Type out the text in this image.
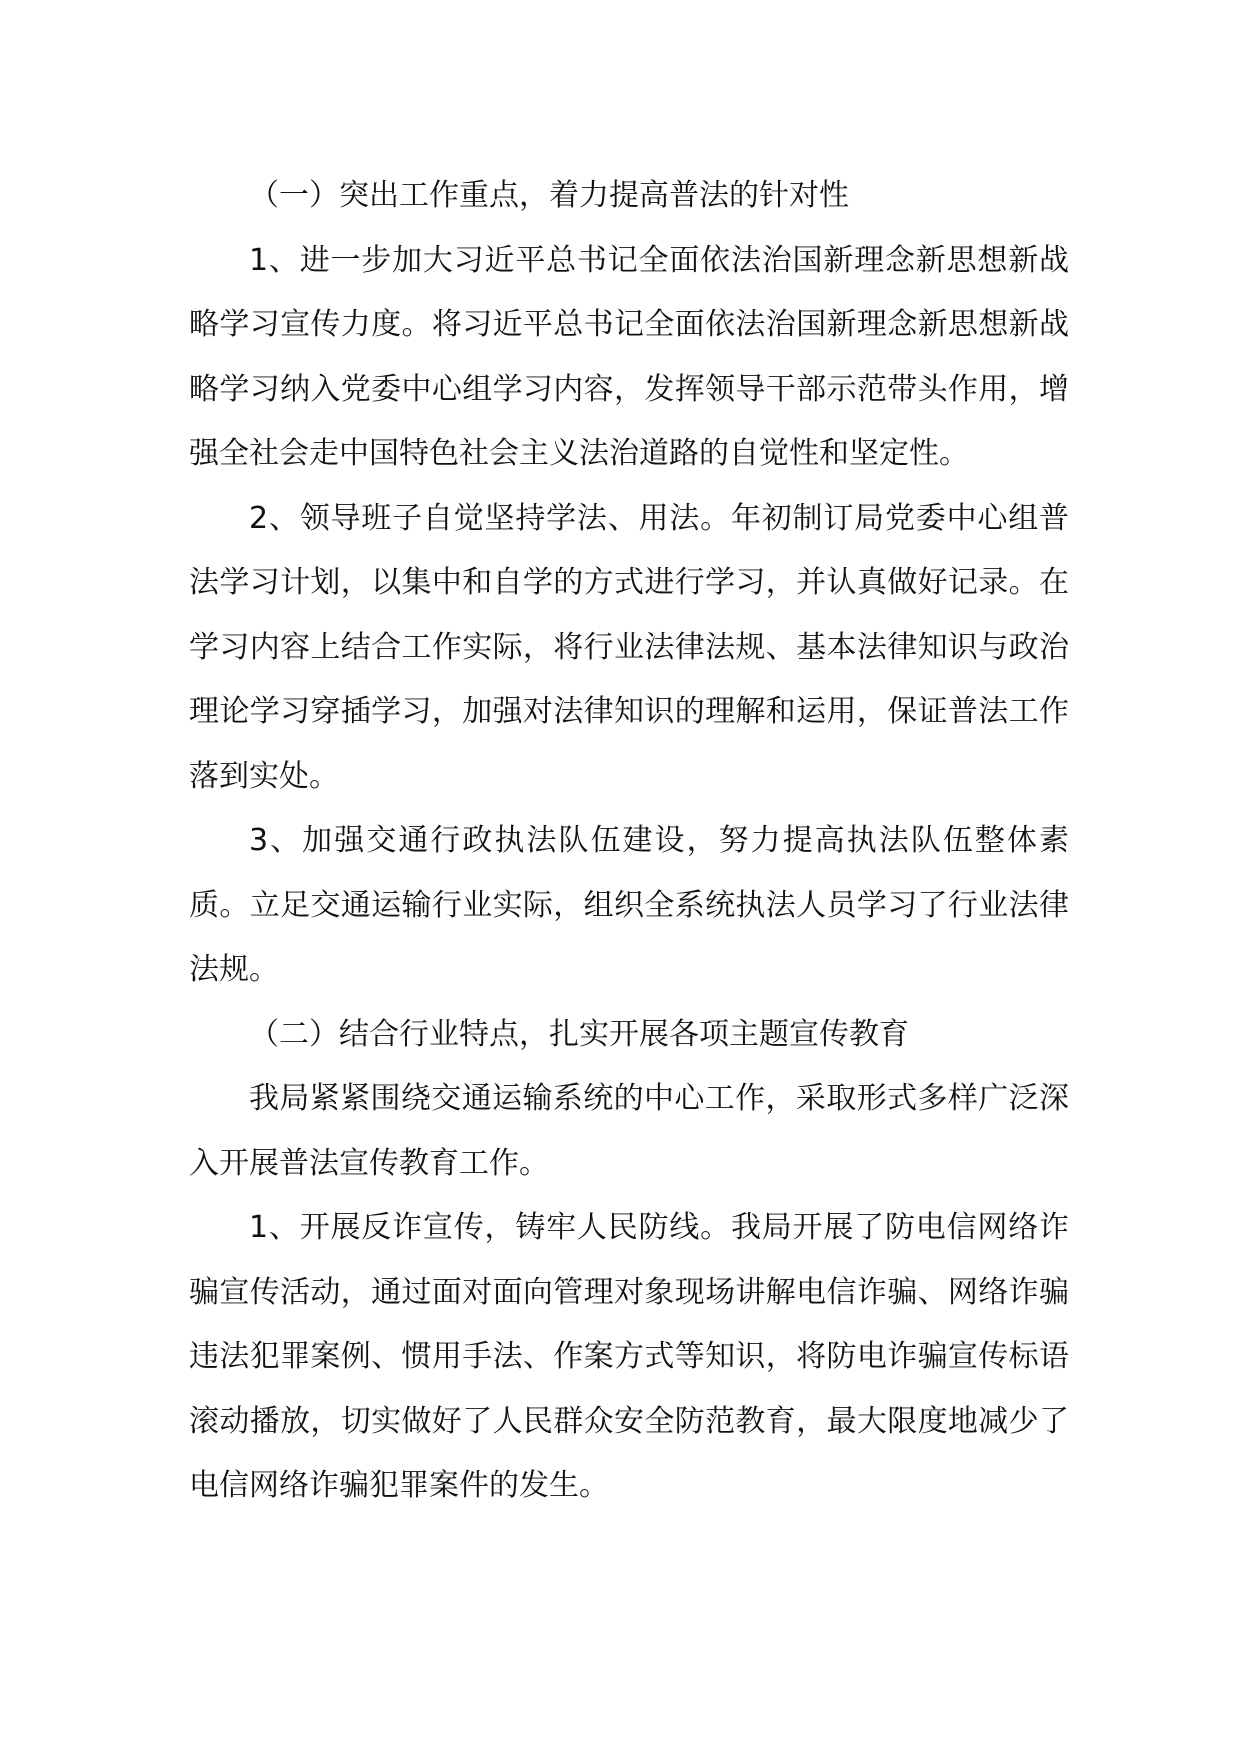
（一）突出工作重点，着力提高普法的针对性

1、进一步加大习近平总书记全面依法治国新理念新思想新战略学习宣传力度。将习近平总书记全面依法治国新理念新思想新战略学习纳入党委中心组学习内容，发挥领导干部示范带头作用，增强全社会走中国特色社会主义法治道路的自觉性和坚定性。

2、领导班子自觉坚持学法、用法。年初制订局党委中心组普法学习计划，以集中和自学的方式进行学习，并认真做好记录。在学习内容上结合工作实际，将行业法律法规、基本法律知识与政治理论学习穿插学习，加强对法律知识的理解和运用，保证普法工作落到实处。

3、加强交通行政执法队伍建设，努力提高执法队伍整体素质。立足交通运输行业实际，组织全系统执法人员学习了行业法律法规。

（二）结合行业特点，扎实开展各项主题宣传教育

我局紧紧围绕交通运输系统的中心工作，采取形式多样广泛深入开展普法宣传教育工作。

1、开展反诈宣传，铸牢人民防线。我局开展了防电信网络诈骗宣传活动，通过面对面向管理对象现场讲解电信诈骗、网络诈骗违法犯罪案例、惯用手法、作案方式等知识，将防电诈骗宣传标语滚动播放，切实做好了人民群众安全防范教育，最大限度地减少了电信网络诈骗犯罪案件的发生。
